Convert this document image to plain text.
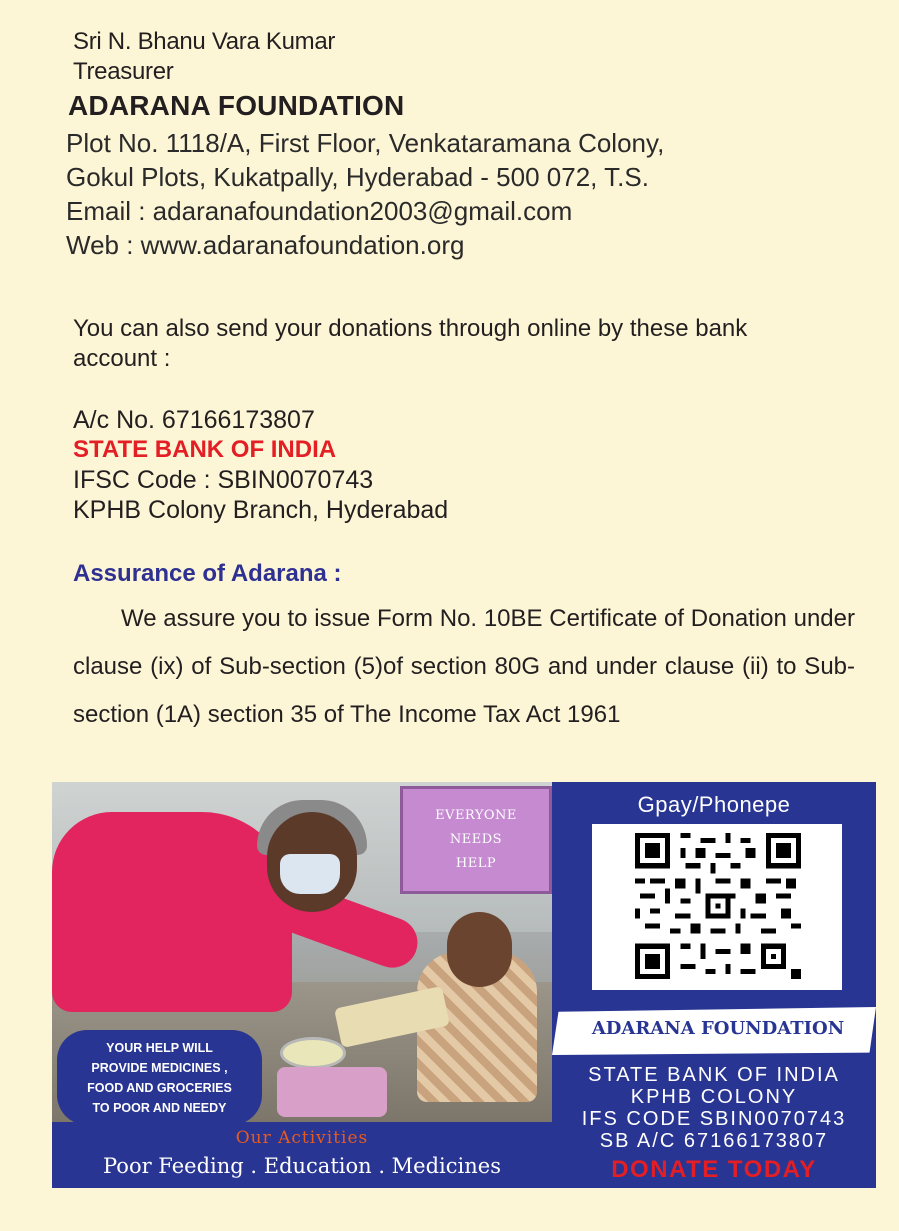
Sri N. Bhanu Vara Kumar
Treasurer
ADARANA FOUNDATION
Plot No. 1118/A, First Floor, Venkataramana Colony,
Gokul Plots, Kukatpally, Hyderabad - 500 072, T.S.
Email : adaranafoundation2003@gmail.com
Web : www.adaranafoundation.org
You can also send your donations through online by these bank account :
A/c No. 67166173807
STATE BANK OF INDIA
IFSC Code : SBIN0070743
KPHB Colony Branch, Hyderabad
Assurance of Adarana :
We assure you to issue Form No. 10BE Certificate of Donation under clause (ix) of Sub-section (5)of section 80G and under clause (ii) to Sub-section (1A) section 35 of The Income Tax Act 1961
EVERYONE
NEEDS
HELP
YOUR HELP WILL
PROVIDE MEDICINES ,
FOOD AND GROCERIES
TO POOR AND NEEDY
Our Activities
Poor Feeding . Education . Medicines
Gpay/Phonepe
ADARANA FOUNDATION
STATE BANK OF INDIA
KPHB COLONY
IFS CODE SBIN0070743
SB A/C 67166173807
DONATE TODAY
